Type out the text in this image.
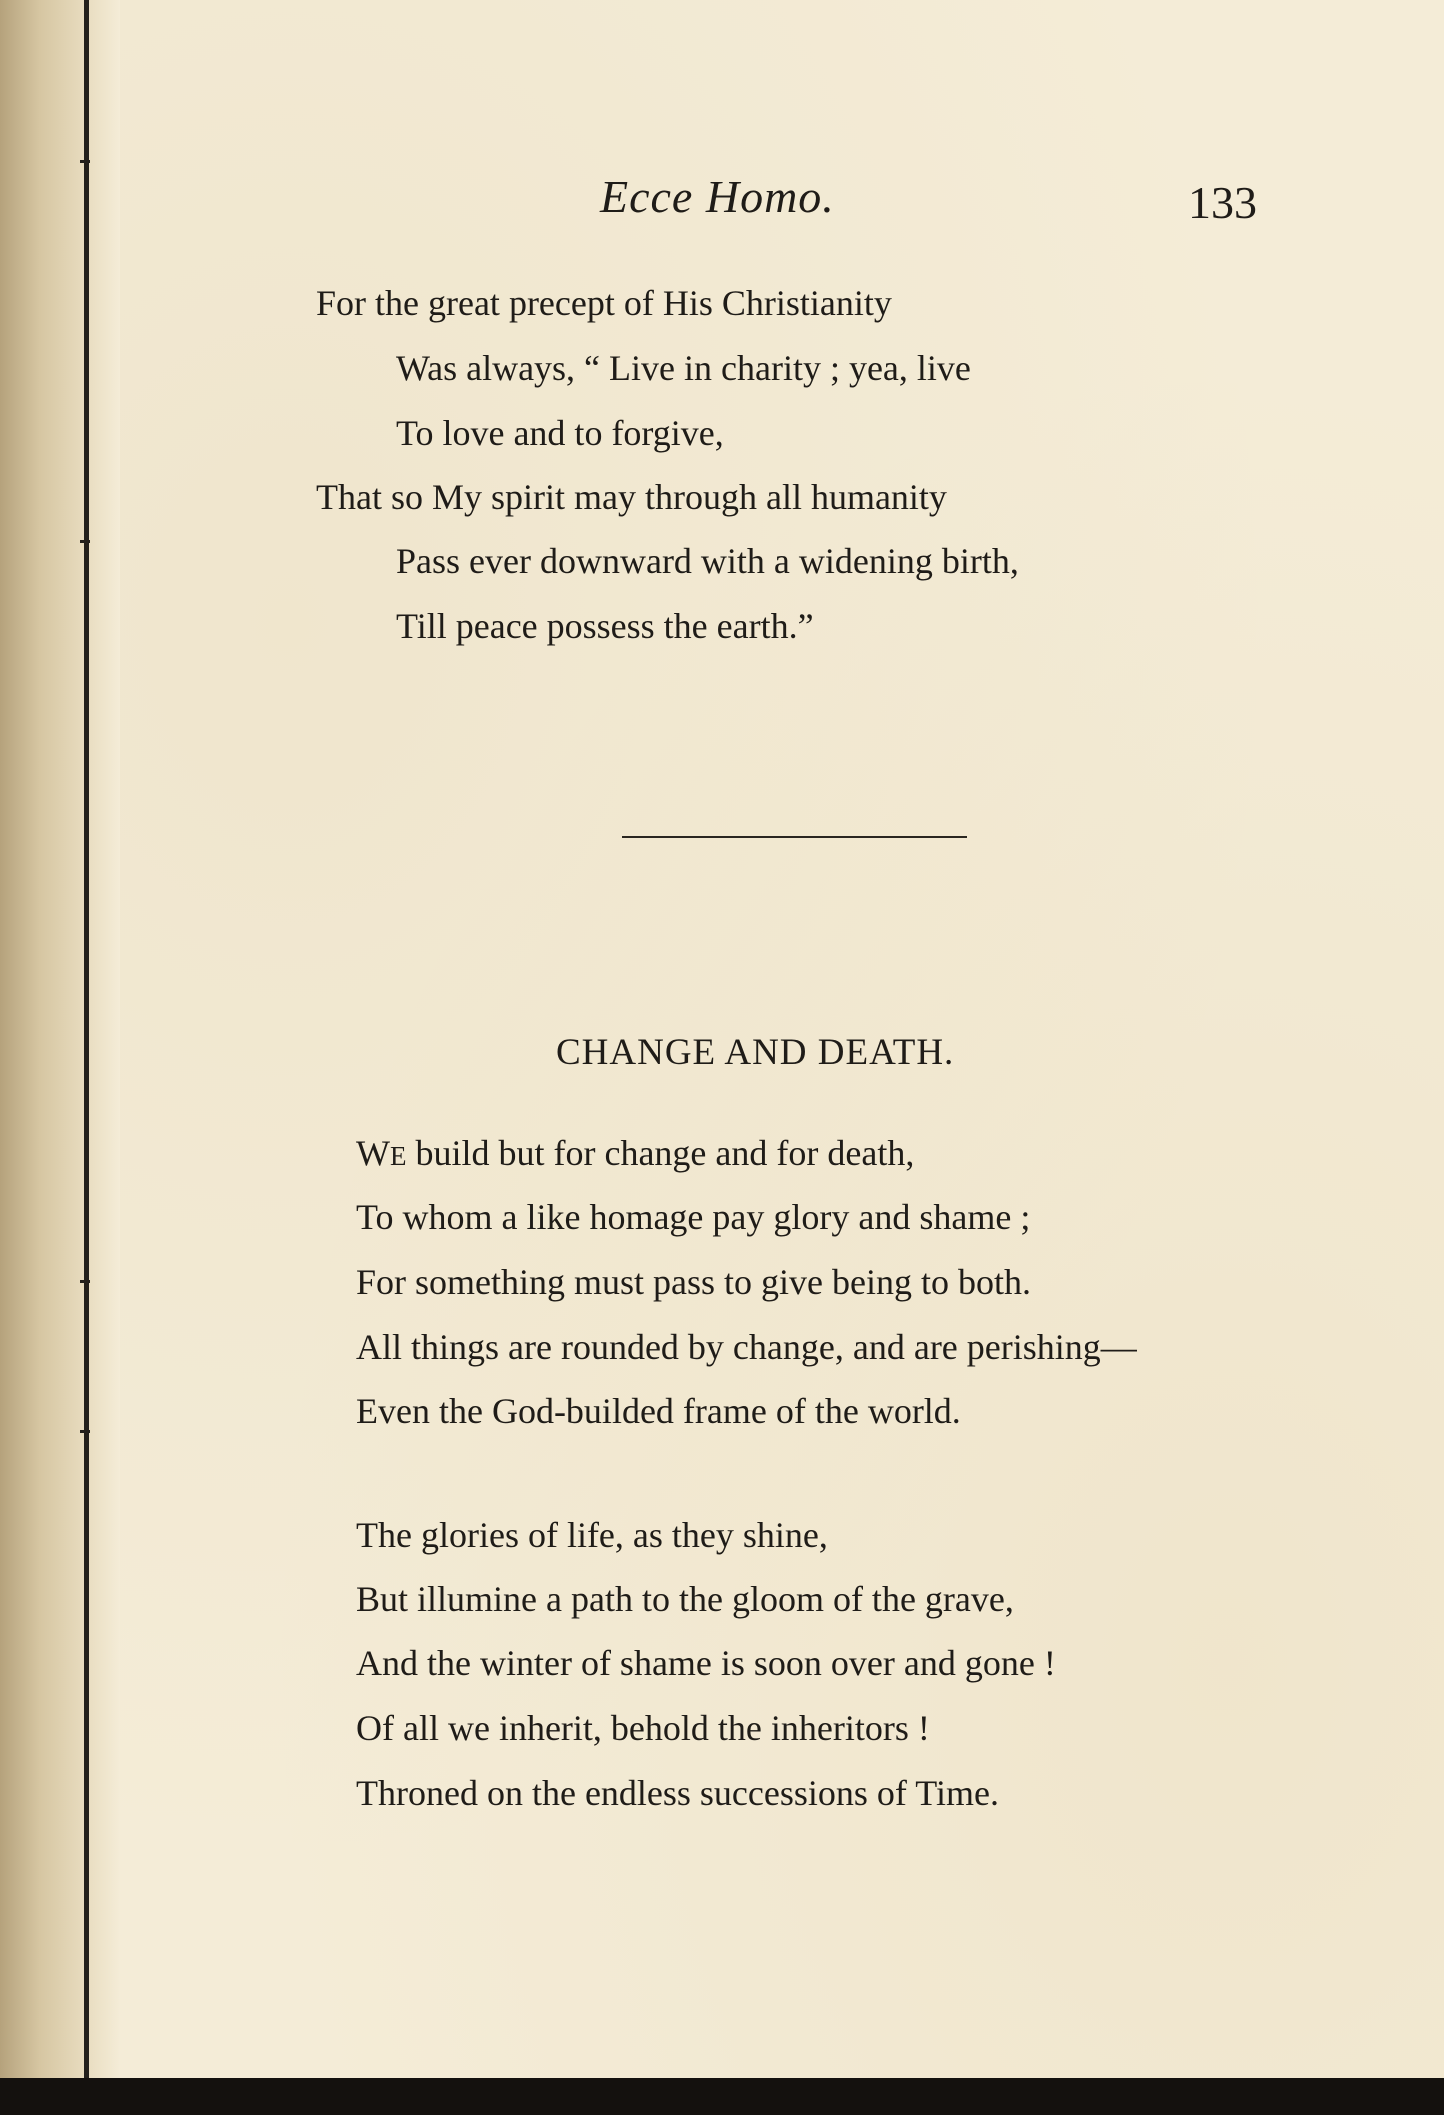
Ecce Homo.	133
For the great precept of His Christianity
Was always, “ Live in charity ; yea, live
To love and to forgive,
That so My spirit may through all humanity
Pass ever downward with a widening birth,
Till peace possess the earth.”
CHANGE AND DEATH.
WE build but for change and for death,
To whom a like homage pay glory and shame ;
For something must pass to give being to both.
All things are rounded by change, and are perishing—
Even the God-builded frame of the world.
The glories of life, as they shine,
But illumine a path to the gloom of the grave,
And the winter of shame is soon over and gone !
Of all we inherit, behold the inheritors !
Throned on the endless successions of Time.
